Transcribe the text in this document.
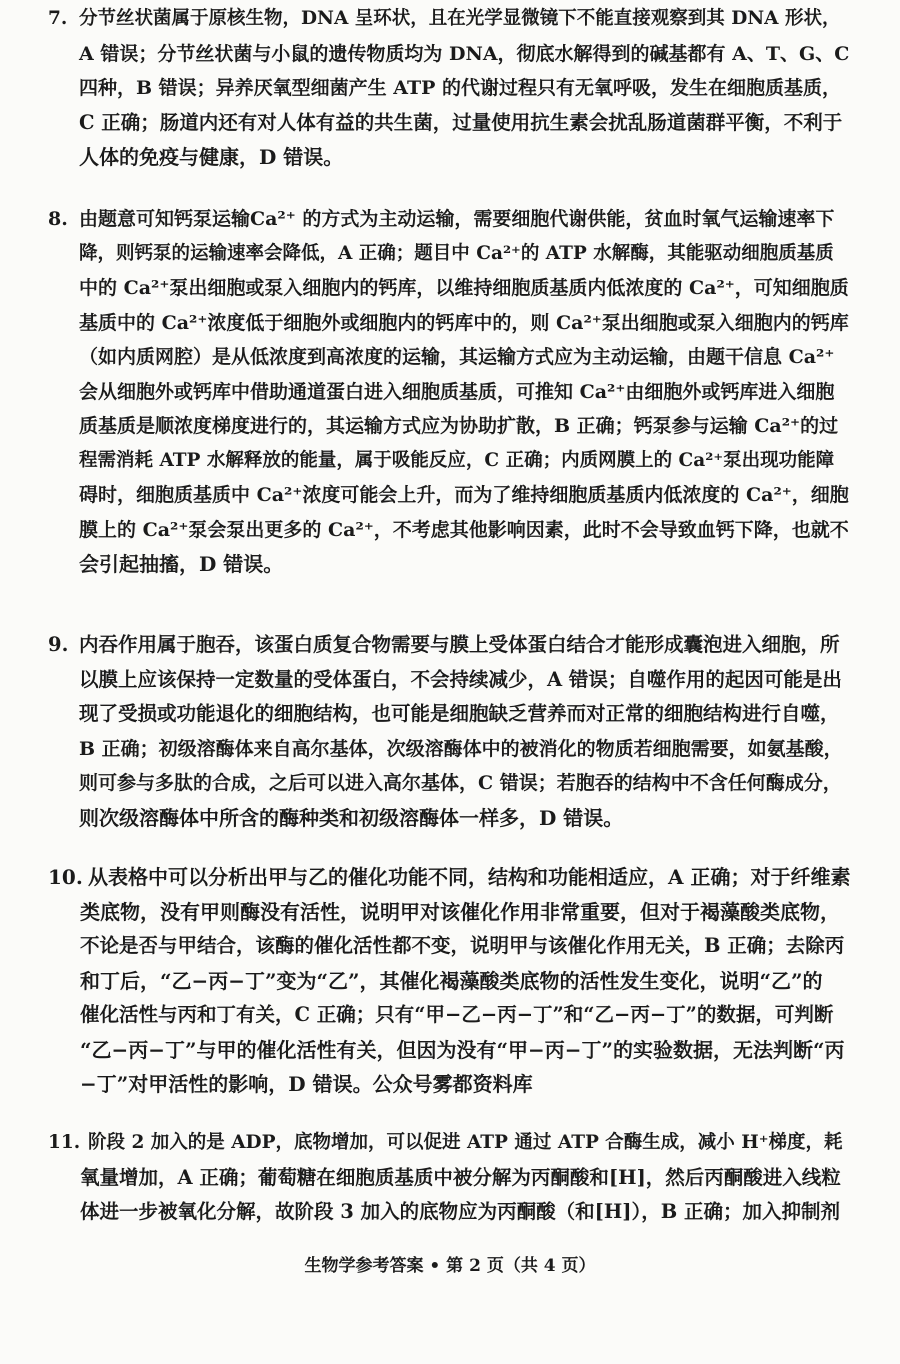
7. 分节丝状菌属于原核生物，DNA 呈环状，且在光学显微镜下不能直接观察到其 DNA 形状，
A 错误；分节丝状菌与小鼠的遗传物质均为 DNA，彻底水解得到的碱基都有 A、T、G、C
四种，B 错误；异养厌氧型细菌产生 ATP 的代谢过程只有无氧呼吸，发生在细胞质基质，
C 正确；肠道内还有对人体有益的共生菌，过量使用抗生素会扰乱肠道菌群平衡，不利于
人体的免疫与健康，D 错误。
8. 由题意可知钙泵运输Ca²⁺ 的方式为主动运输，需要细胞代谢供能，贫血时氧气运输速率下
降，则钙泵的运输速率会降低，A 正确；题目中 Ca²⁺的 ATP 水解酶，其能驱动细胞质基质
中的 Ca²⁺泵出细胞或泵入细胞内的钙库，以维持细胞质基质内低浓度的 Ca²⁺，可知细胞质
基质中的 Ca²⁺浓度低于细胞外或细胞内的钙库中的，则 Ca²⁺泵出细胞或泵入细胞内的钙库
（如内质网腔）是从低浓度到高浓度的运输，其运输方式应为主动运输，由题干信息 Ca²⁺
会从细胞外或钙库中借助通道蛋白进入细胞质基质，可推知 Ca²⁺由细胞外或钙库进入细胞
质基质是顺浓度梯度进行的，其运输方式应为协助扩散，B 正确；钙泵参与运输 Ca²⁺的过
程需消耗 ATP 水解释放的能量，属于吸能反应，C 正确；内质网膜上的 Ca²⁺泵出现功能障
碍时，细胞质基质中 Ca²⁺浓度可能会上升，而为了维持细胞质基质内低浓度的 Ca²⁺，细胞
膜上的 Ca²⁺泵会泵出更多的 Ca²⁺，不考虑其他影响因素，此时不会导致血钙下降，也就不
会引起抽搐，D 错误。
9. 内吞作用属于胞吞，该蛋白质复合物需要与膜上受体蛋白结合才能形成囊泡进入细胞，所
以膜上应该保持一定数量的受体蛋白，不会持续减少，A 错误；自噬作用的起因可能是出
现了受损或功能退化的细胞结构，也可能是细胞缺乏营养而对正常的细胞结构进行自噬，
B 正确；初级溶酶体来自高尔基体，次级溶酶体中的被消化的物质若细胞需要，如氨基酸，
则可参与多肽的合成，之后可以进入高尔基体，C 错误；若胞吞的结构中不含任何酶成分，
则次级溶酶体中所含的酶种类和初级溶酶体一样多，D 错误。
10. 从表格中可以分析出甲与乙的催化功能不同，结构和功能相适应，A 正确；对于纤维素
类底物，没有甲则酶没有活性，说明甲对该催化作用非常重要，但对于褐藻酸类底物，
不论是否与甲结合，该酶的催化活性都不变，说明甲与该催化作用无关，B 正确；去除丙
和丁后，“乙−丙−丁”变为“乙”，其催化褐藻酸类底物的活性发生变化，说明“乙”的
催化活性与丙和丁有关，C 正确；只有“甲−乙−丙−丁”和“乙−丙−丁”的数据，可判断
“乙−丙−丁”与甲的催化活性有关，但因为没有“甲−丙−丁”的实验数据，无法判断“丙
−丁”对甲活性的影响，D 错误。公众号雾都资料库
11. 阶段 2 加入的是 ADP，底物增加，可以促进 ATP 通过 ATP 合酶生成，减小 H⁺梯度，耗
氧量增加，A 正确；葡萄糖在细胞质基质中被分解为丙酮酸和[H]，然后丙酮酸进入线粒
体进一步被氧化分解，故阶段 3 加入的底物应为丙酮酸（和[H]），B 正确；加入抑制剂
生物学参考答案 • 第 2 页（共 4 页）
